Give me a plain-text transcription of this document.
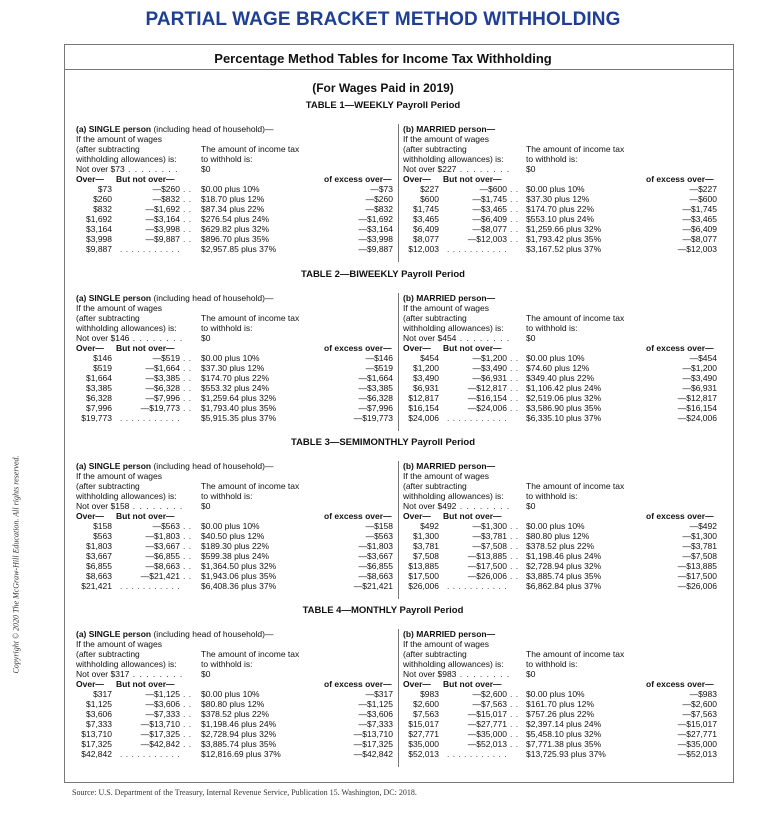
PARTIAL WAGE BRACKET METHOD WITHHOLDING
Percentage Method Tables for Income Tax Withholding
(For Wages Paid in 2019)
TABLE 1—WEEKLY Payroll Period
(a) SINGLE person (including head of household)—
If the amount of wages
(after subtracting
withholding allowances) is:
The amount of income tax
to withhold is:
Not over $73 . . . . . . . .	$0
Over— But not over—	of excess over—
$73	—$260 . . $0.00 plus 10%	—$73
$260	—$832 . . $18.70 plus 12%	—$260
$832	—$1,692 . . $87.34 plus 22%	—$832
$1,692	—$3,164 . . $276.54 plus 24%	—$1,692
$3,164	—$3,998 . . $629.82 plus 32%	—$3,164
$3,998	—$9,887 . . $896.70 plus 35%	—$3,998
$9,887 . . . . . . . . . . . $2,957.85 plus 37%	—$9,887
(b) MARRIED person—
If the amount of wages
(after subtracting
withholding allowances) is:
The amount of income tax
to withhold is:
Not over $227 . . . . . . . . $0
Over— But not over—	of excess over—
$227	—$600 . . $0.00 plus 10%	—$227
$600	—$1,745 . . $37.30 plus 12%	—$600
$1,745	—$3,465 . . $174.70 plus 22%	—$1,745
$3,465	—$6,409 . . $553.10 plus 24%	—$3,465
$6,409	—$8,077 . . $1,259.66 plus 32%	—$6,409
$8,077	—$12,003 . . $1,793.42 plus 35%	—$8,077
$12,003 . . . . . . . . . . . $3,167.52 plus 37%	—$12,003
TABLE 2—BIWEEKLY Payroll Period
(a) SINGLE person (including head of household)—
If the amount of wages
(after subtracting
withholding allowances) is:
The amount of income tax
to withhold is:
Not over $146 . . . . . . . . $0
Over— But not over—	of excess over—
$146	—$519 . . $0.00 plus 10%	—$146
$519	—$1,664 . . $37.30 plus 12%	—$519
$1,664	—$3,385 . . $174.70 plus 22%	—$1,664
$3,385	—$6,328 . . $553.32 plus 24%	—$3,385
$6,328	—$7,996 . . $1,259.64 plus 32%	—$6,328
$7,996	—$19,773 . . $1,793.40 plus 35%	—$7,996
$19,773 . . . . . . . . . . . $5,915.35 plus 37%	—$19,773
(b) MARRIED person—
If the amount of wages
(after subtracting
withholding allowances) is:
The amount of income tax
to withhold is:
Not over $454 . . . . . . . . $0
Over— But not over—	of excess over—
$454	—$1,200 . . $0.00 plus 10%	—$454
$1,200	—$3,490 . . $74.60 plus 12%	—$1,200
$3,490	—$6,931 . . $349.40 plus 22%	—$3,490
$6,931	—$12,817 . . $1,106.42 plus 24%	—$6,931
$12,817	—$16,154 . . $2,519.06 plus 32%	—$12,817
$16,154	—$24,006 . . $3,586.90 plus 35%	—$16,154
$24,006 . . . . . . . . . . . $6,335.10 plus 37%	—$24,006
TABLE 3—SEMIMONTHLY Payroll Period
(a) SINGLE person (including head of household)—
If the amount of wages
(after subtracting
withholding allowances) is:
The amount of income tax
to withhold is:
Not over $158 . . . . . . . . $0
Over— But not over—	of excess over—
$158	—$563 . . $0.00 plus 10%	—$158
$563	—$1,803 . . $40.50 plus 12%	—$563
$1,803	—$3,667 . . $189.30 plus 22%	—$1,803
$3,667	—$6,855 . . $599.38 plus 24%	—$3,667
$6,855	—$8,663 . . $1,364.50 plus 32%	—$6,855
$8,663	—$21,421 . . $1,943.06 plus 35%	—$8,663
$21,421 . . . . . . . . . . . $6,408.36 plus 37%	—$21,421
(b) MARRIED person—
If the amount of wages
(after subtracting
withholding allowances) is:
The amount of income tax
to withhold is:
Not over $492 . . . . . . . . $0
Over— But not over—	of excess over—
$492	—$1,300 . . $0.00 plus 10%	—$492
$1,300	—$3,781 . . $80.80 plus 12%	—$1,300
$3,781	—$7,508 . . $378.52 plus 22%	—$3,781
$7,508	—$13,885 . . $1,198.46 plus 24%	—$7,508
$13,885	—$17,500 . . $2,728.94 plus 32%	—$13,885
$17,500	—$26,006 . . $3,885.74 plus 35%	—$17,500
$26,006 . . . . . . . . . . . $6,862.84 plus 37%	—$26,006
TABLE 4—MONTHLY Payroll Period
(a) SINGLE person (including head of household)—
If the amount of wages
(after subtracting
withholding allowances) is:
The amount of income tax
to withhold is:
Not over $317 . . . . . . . . $0
Over— But not over—	of excess over—
$317	—$1,125 . . $0.00 plus 10%	—$317
$1,125	—$3,606 . . $80.80 plus 12%	—$1,125
$3,606	—$7,333 . . $378.52 plus 22%	—$3,606
$7,333	—$13,710 . . $1,198.46 plus 24%	—$7,333
$13,710	—$17,325 . . $2,728.94 plus 32%	—$13,710
$17,325	—$42,842 . . $3,885.74 plus 35%	—$17,325
$42,842 . . . . . . . . . . . $12,816.69 plus 37%	—$42,842
(b) MARRIED person—
If the amount of wages
(after subtracting
withholding allowances) is:
The amount of income tax
to withhold is:
Not over $983 . . . . . . . . $0
Over— But not over—	of excess over—
$983	—$2,600 . . $0.00 plus 10%	—$983
$2,600	—$7,563 . . $161.70 plus 12%	—$2,600
$7,563	—$15,017 . . $757.26 plus 22%	—$7,563
$15,017	—$27,771 . . $2,397.14 plus 24%	—$15,017
$27,771	—$35,000 . . $5,458.10 plus 32%	—$27,771
$35,000	—$52,013 . . $7,771.38 plus 35%	—$35,000
$52,013 . . . . . . . . . . . $13,725.93 plus 37%	—$52,013
Copyright © 2020 The McGraw-Hill Education. All rights reserved.
Source: U.S. Department of the Treasury, Internal Revenue Service, Publication 15. Washington, DC: 2018.
